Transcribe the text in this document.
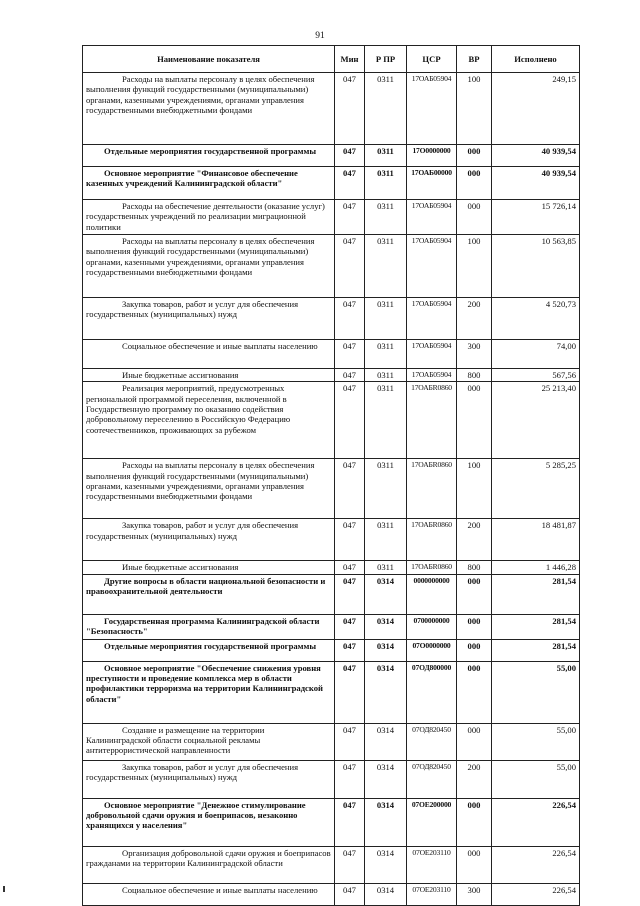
91
Наименование показателя	Мин	Р ПР	ЦСР	ВР	Исполнено
Расходы на выплаты персоналу в целях обеспечения выполнения функций государственными (муниципальными) органами, казенными учреждениями, органами управления государственными внебюджетными фондами	047	0311	17ОАБ05904	100	249,15
Отдельные мероприятия государственной программы	047	0311	17О0000000	000	40 939,54
Основное мероприятие "Финансовое обеспечение казенных учреждений Калининградской области"	047	0311	17ОАБ00000	000	40 939,54
Расходы на обеспечение деятельности (оказание услуг) государственных учреждений по реализации миграционной политики	047	0311	17ОАБ05904	000	15 726,14
Расходы на выплаты персоналу в целях обеспечения выполнения функций государственными (муниципальными) органами, казенными учреждениями, органами управления государственными внебюджетными фондами	047	0311	17ОАБ05904	100	10 563,85
Закупка товаров, работ и услуг для обеспечения государственных (муниципальных) нужд	047	0311	17ОАБ05904	200	4 520,73
Социальное обеспечение и иные выплаты населению	047	0311	17ОАБ05904	300	74,00
Иные бюджетные ассигнования	047	0311	17ОАБ05904	800	567,56
Реализация мероприятий, предусмотренных региональной программой переселения, включенной в Государственную программу по оказанию содействия добровольному переселению в Российскую Федерацию соотечественников, проживающих за рубежом	047	0311	17ОАБR0860	000	25 213,40
Расходы на выплаты персоналу в целях обеспечения выполнения функций государственными (муниципальными) органами, казенными учреждениями, органами управления государственными внебюджетными фондами	047	0311	17ОАБR0860	100	5 285,25
Закупка товаров, работ и услуг для обеспечения государственных (муниципальных) нужд	047	0311	17ОАБR0860	200	18 481,87
Иные бюджетные ассигнования	047	0311	17ОАБR0860	800	1 446,28
Другие вопросы в области национальной безопасности и правоохранительной деятельности	047	0314	0000000000	000	281,54
Государственная программа Калининградской области "Безопасность"	047	0314	0700000000	000	281,54
Отдельные мероприятия государственной программы	047	0314	07О0000000	000	281,54
Основное мероприятие "Обеспечение снижения уровня преступности и проведение комплекса мер в области профилактики терроризма на территории Калининградской области"	047	0314	07ОД800000	000	55,00
Создание и размещение на территории Калининградской области социальной рекламы антитеррористической направленности	047	0314	07ОД820450	000	55,00
Закупка товаров, работ и услуг для обеспечения государственных (муниципальных) нужд	047	0314	07ОД820450	200	55,00
Основное мероприятие "Денежное стимулирование добровольной сдачи оружия и боеприпасов, незаконно хранящихся у населения"	047	0314	07ОЕ200000	000	226,54
Организация добровольной сдачи оружия и боеприпасов гражданами на территории Калининградской области	047	0314	07ОЕ203110	000	226,54
Социальное обеспечение и иные выплаты населению	047	0314	07ОЕ203110	300	226,54
